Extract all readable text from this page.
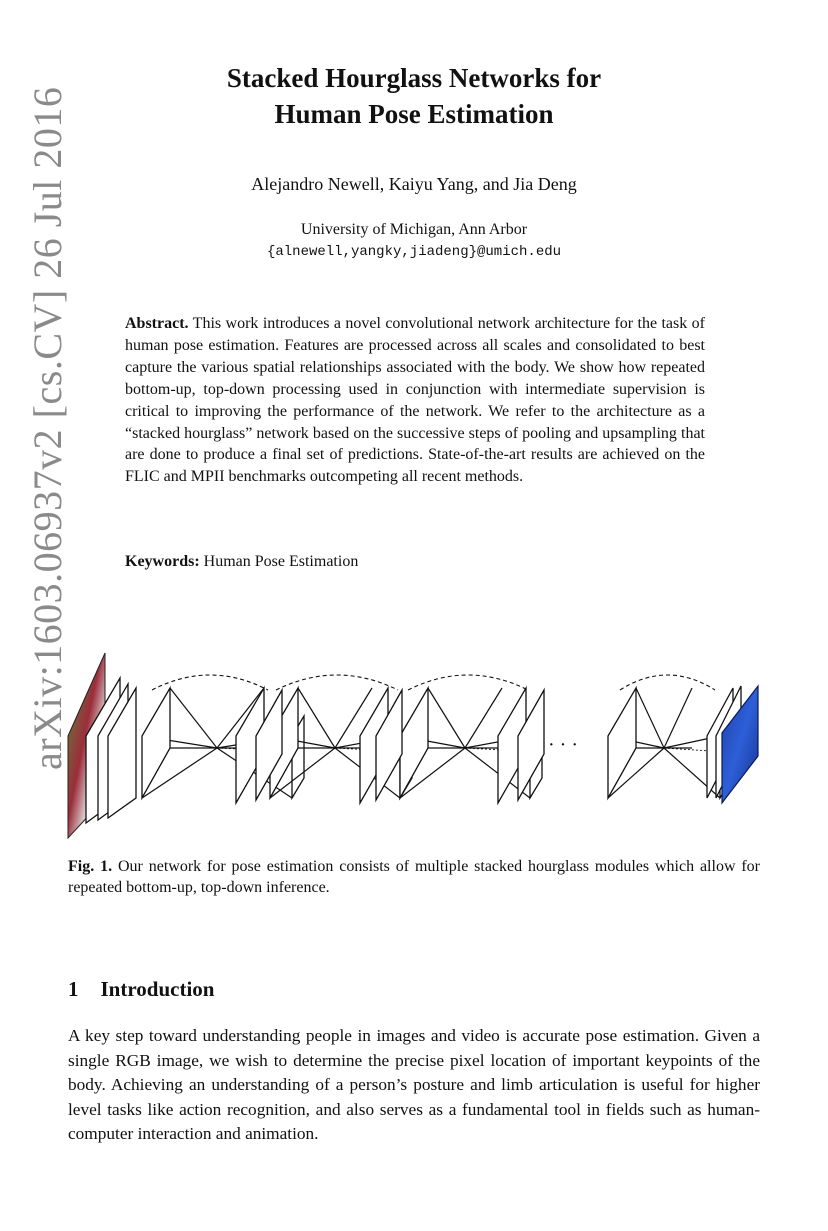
arXiv:1603.06937v2 [cs.CV] 26 Jul 2016
Stacked Hourglass Networks for
Human Pose Estimation
Alejandro Newell, Kaiyu Yang, and Jia Deng
University of Michigan, Ann Arbor
{alnewell,yangky,jiadeng}@umich.edu
Abstract. This work introduces a novel convolutional network architecture for the task of human pose estimation. Features are processed across all scales and consolidated to best capture the various spatial relationships associated with the body. We show how repeated bottom-up, top-down processing used in conjunction with intermediate supervision is critical to improving the performance of the network. We refer to the architecture as a “stacked hourglass” network based on the successive steps of pooling and upsampling that are done to produce a final set of predictions. State-of-the-art results are achieved on the FLIC and MPII benchmarks outcompeting all recent methods.
Keywords: Human Pose Estimation
· · ·
Fig. 1. Our network for pose estimation consists of multiple stacked hourglass modules which allow for repeated bottom-up, top-down inference.
1 Introduction
A key step toward understanding people in images and video is accurate pose estimation. Given a single RGB image, we wish to determine the precise pixel location of important keypoints of the body. Achieving an understanding of a person’s posture and limb articulation is useful for higher level tasks like action recognition, and also serves as a fundamental tool in fields such as human-computer interaction and animation.
